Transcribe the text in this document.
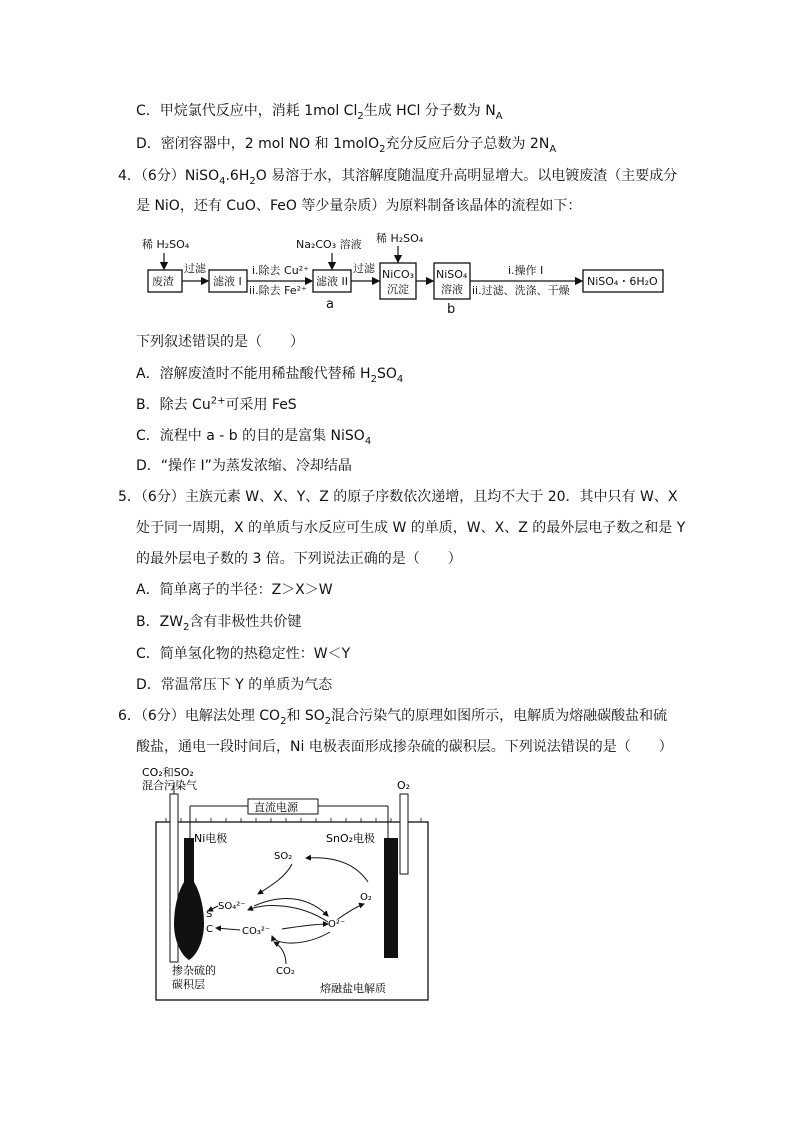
C．甲烷氯代反应中，消耗 1mol $Cl_2$生成 HCl 分子数为 $N_A$
D．密闭容器中，2 mol NO 和 1molO$_2$充分反应后分子总数为 $2N_A$
4．（6分）$NiSO_4.6H_2O$ 易溶于水，其溶解度随温度升高明显增大。以电镀废渣（主要成分
是 NiO，还有 CuO、FeO 等少量杂质）为原料制备该晶体的流程如下：
稀 H₂SO₄
废渣
过滤
滤液 I
i.除去 Cu²⁺
ii.除去 Fe²⁺
Na₂CO₃ 溶液
滤液 II
a
过滤
稀 H₂SO₄
NiCO₃
沉淀
NiSO₄
溶液
b
i.操作 I
ii.过滤、洗涤、干燥
NiSO₄・6H₂O
下列叙述错误的是（　　）
A．溶解废渣时不能用稀盐酸代替稀 $H_2SO_4$
B．除去 $Cu^{2+}$可采用 FeS
C．流程中 a - b 的目的是富集 NiSO$_4$
D．“操作 I”为蒸发浓缩、冷却结晶
5．（6分）主族元素 W、X、Y、Z 的原子序数依次递增，且均不大于 20．其中只有 W、X
处于同一周期，X 的单质与水反应可生成 W 的单质，W、X、Z 的最外层电子数之和是 Y
的最外层电子数的 3 倍。下列说法正确的是（　　）
A．简单离子的半径：Z＞X＞W
B．$ZW_2$含有非极性共价键
C．简单氢化物的热稳定性：W＜Y
D．常温常压下 Y 的单质为气态
6．（6分）电解法处理 $CO_2$和 $SO_2$混合污染气的原理如图所示，电解质为熔融碳酸盐和硫
酸盐，通电一段时间后，Ni 电极表面形成掺杂硫的碳积层。下列说法错误的是（　　）
CO₂和SO₂
混合污染气
直流电源
O₂
Ni电极	SnO₂电极
SO₂
SO₄²⁻
S
C	CO₃²⁻
O²⁻
O₂
CO₂
掺杂硫的
碳积层	熔融盐电解质
